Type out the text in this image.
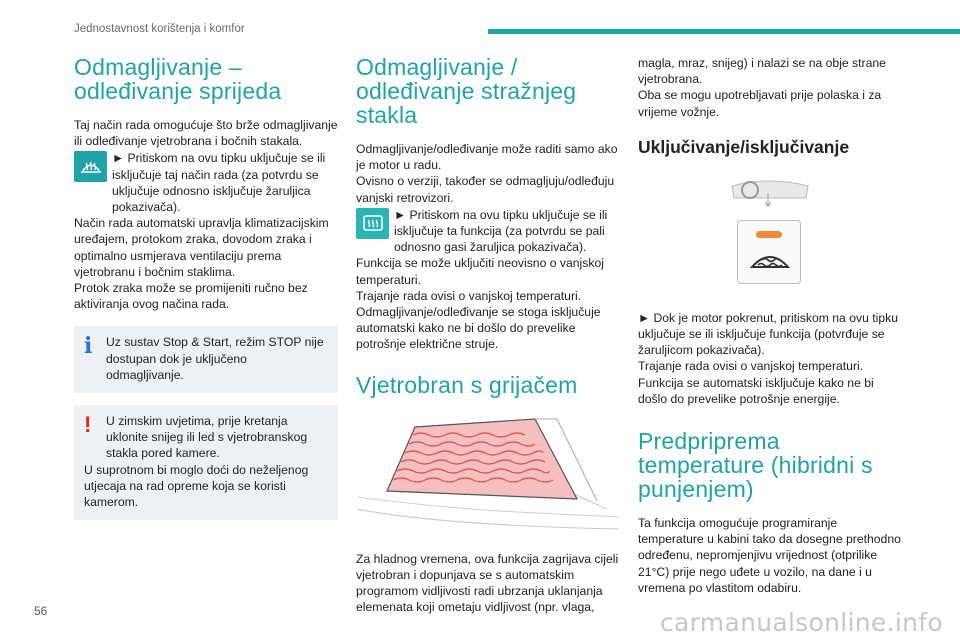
Jednostavnost korištenja i komfor
Odmagljivanje – odleđivanje sprijeda

Taj način rada omogućuje što brže odmagljivanje ili odleđivanje vjetrobrana i bočnih stakala.

► Pritiskom na ovu tipku uključuje se ili isključuje taj način rada (za potvrdu se uključuje odnosno isključuje žaruljica pokazivača).

Način rada automatski upravlja klimatizacijskim uređajem, protokom zraka, dovodom zraka i optimalno usmjerava ventilaciju prema vjetrobranu i bočnim staklima.

Protok zraka može se promijeniti ručno bez aktiviranja ovog načina rada.

i	Uz sustav Stop & Start, režim STOP nije dostupan dok je uključeno odmagljivanje.

!	U zimskim uvjetima, prije kretanja uklonite snijeg ili led s vjetrobranskog stakla pored kamere.

U suprotnom bi moglo doći do neželjenog utjecaja na rad opreme koja se koristi kamerom.

Odmagljivanje / odleđivanje stražnjeg stakla

Odmagljivanje/odleđivanje može raditi samo ako je motor u radu.

Ovisno o verziji, također se odmagljuju/odleđuju vanjski retrovizori.

► Pritiskom na ovu tipku uključuje se ili isključuje ta funkcija (za potvrdu se pali odnosno gasi žaruljica pokazivača).

Funkcija se može uključiti neovisno o vanjskoj temperaturi.

Trajanje rada ovisi o vanjskoj temperaturi.

Odmagljivanje/odleđivanje se stoga isključuje automatski kako ne bi došlo do prevelike potrošnje električne struje.

Vjetrobran s grijačem

Za hladnog vremena, ova funkcija zagrijava cijeli vjetrobran i dopunjava se s automatskim programom vidljivosti radi ubrzanja uklanjanja elemenata koji ometaju vidljivost (npr. vlaga,

magla, mraz, snijeg) i nalazi se na obje strane vjetrobrana.

Oba se mogu upotrebljavati prije polaska i za vrijeme vožnje.

Uključivanje/isključivanje

► Dok je motor pokrenut, pritiskom na ovu tipku uključuje se ili isključuje funkcija (potvrđuje se žaruljicom pokazivača).

Trajanje rada ovisi o vanjskoj temperaturi.

Funkcija se automatski isključuje kako ne bi došlo do prevelike potrošnje energije.

Predpriprema temperature (hibridni s punjenjem)

Ta funkcija omogućuje programiranje temperature u kabini tako da dosegne prethodno određenu, nepromjenjivu vrijednost (otprilike 21°C) prije nego uđete u vozilo, na dane i u vremena po vlastitom odabiru.

56	carmanualsonline.info
